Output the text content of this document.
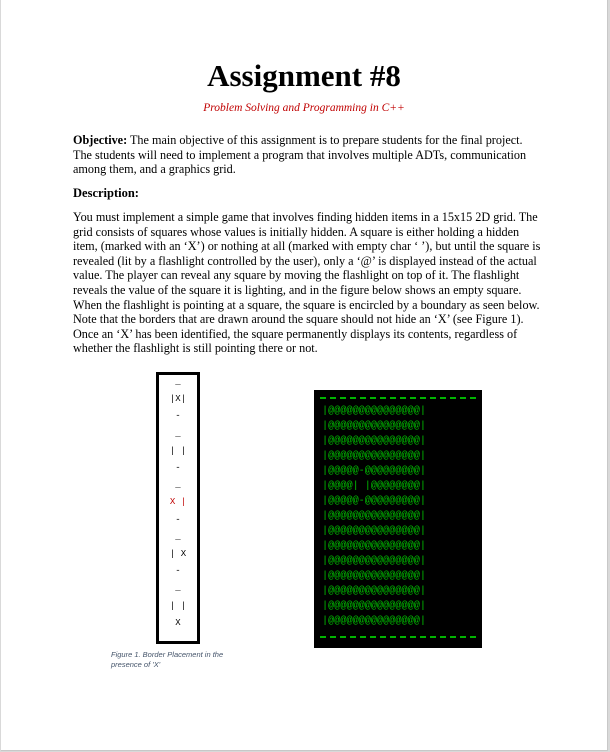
Assignment #8
Problem Solving and Programming in C++
Objective: The main objective of this assignment is to prepare students for the final project. The students will need to implement a program that involves multiple ADTs, communication among them, and a graphics grid.
Description:
You must implement a simple game that involves finding hidden items in a 15x15 2D grid. The grid consists of squares whose values is initially hidden. A square is either holding a hidden item, (marked with an ‘X’) or nothing at all (marked with empty char ‘ ’), but until the square is revealed (lit by a flashlight controlled by the user), only a ‘@’ is displayed instead of the actual value. The player can reveal any square by moving the flashlight on top of it. The flashlight reveals the value of the square it is lighting, and in the figure below shows an empty square. When the flashlight is pointing at a square, the square is encircled by a boundary as seen below. Note that the borders that are drawn around the square should not hide an ‘X’ (see Figure 1). Once an ‘X’ has been identified, the square permanently displays its contents, regardless of whether the flashlight is still pointing there or not.
_
|X|
-
_
| |
-
_
X |
-
_
| X
-
_
| |
X
Figure 1. Border Placement in the presence of 'X'
|@@@@@@@@@@@@@@@|
|@@@@@@@@@@@@@@@|
|@@@@@@@@@@@@@@@|
|@@@@@@@@@@@@@@@|
|@@@@@-@@@@@@@@@|
|@@@@| |@@@@@@@@|
|@@@@@-@@@@@@@@@|
|@@@@@@@@@@@@@@@|
|@@@@@@@@@@@@@@@|
|@@@@@@@@@@@@@@@|
|@@@@@@@@@@@@@@@|
|@@@@@@@@@@@@@@@|
|@@@@@@@@@@@@@@@|
|@@@@@@@@@@@@@@@|
|@@@@@@@@@@@@@@@|
